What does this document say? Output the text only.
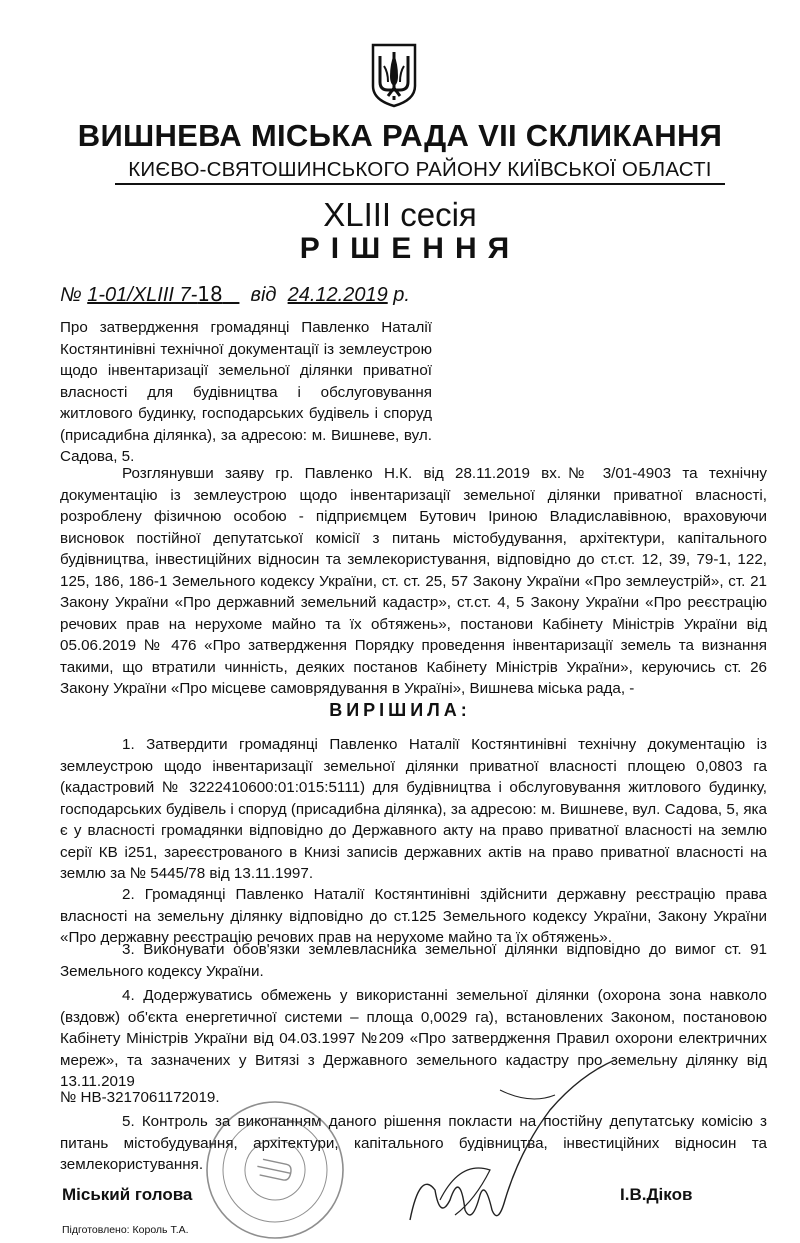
ВИШНЕВА МІСЬКА РАДА VII СКЛИКАННЯ
КИЄВО-СВЯТОШИНСЬКОГО РАЙОНУ КИЇВСЬКОЇ ОБЛАСТІ
XLIII сесія
РІШЕННЯ
№ 1-01/XLIII 7-18 від 24.12.2019 р.
Про затвердження громадянці Павленко Наталії Костянтинівні технічної документації із землеустрою щодо інвентаризації земельної ділянки приватної власності для будівництва і обслуговування житлового будинку, господарських будівель і споруд (присадибна ділянка), за адресою: м. Вишневе, вул. Садова, 5.
Розглянувши заяву гр. Павленко Н.К. від 28.11.2019 вх.№ 3/01-4903 та технічну документацію із землеустрою щодо інвентаризації земельної ділянки приватної власності, розроблену фізичною особою - підприємцем Бутович Іриною Владиславівною, враховуючи висновок постійної депутатської комісії з питань містобудування, архітектури, капітального будівництва, інвестиційних відносин та землекористування, відповідно до ст.ст. 12, 39, 79-1, 122, 125, 186, 186-1 Земельного кодексу України, ст. ст. 25, 57 Закону України «Про землеустрій», ст. 21 Закону України «Про державний земельний кадастр», ст.ст. 4, 5 Закону України «Про реєстрацію речових прав на нерухоме майно та їх обтяжень», постанови Кабінету Міністрів України від 05.06.2019 № 476 «Про затвердження Порядку проведення інвентаризації земель та визнання такими, що втратили чинність, деяких постанов Кабінету Міністрів України», керуючись ст. 26 Закону України «Про місцеве самоврядування в Україні», Вишнева міська рада, -
ВИРІШИЛА:
1. Затвердити громадянці Павленко Наталії Костянтинівні технічну документацію із землеустрою щодо інвентаризації земельної ділянки приватної власності площею 0,0803 га (кадастровий № 3222410600:01:015:5111) для будівництва і обслуговування житлового будинку, господарських будівель і споруд (присадибна ділянка), за адресою: м. Вишневе, вул. Садова, 5, яка є у власності громадянки відповідно до Державного акту на право приватної власності на землю серії КВ і251, зареєстрованого в Книзі записів державних актів на право приватної власності на землю за № 5445/78 від 13.11.1997.
2. Громадянці Павленко Наталії Костянтинівні здійснити державну реєстрацію права власності на земельну ділянку відповідно до ст.125 Земельного кодексу України, Закону України «Про державну реєстрацію речових прав на нерухоме майно та їх обтяжень».
3. Виконувати обов'язки землевласника земельної ділянки відповідно до вимог ст. 91 Земельного кодексу України.
4. Додержуватись обмежень у використанні земельної ділянки (охорона зона навколо (вздовж) об'єкта енергетичної системи – площа 0,0029 га), встановлених Законом, постановою Кабінету Міністрів України від 04.03.1997 №209 «Про затвердження Правил охорони електричних мереж», та зазначених у Витязі з Державного земельного кадастру про земельну ділянку від 13.11.2019
№ НВ-3217061172019.
5. Контроль за виконанням даного рішення покласти на постійну депутатську комісію з питань містобудування, архітектури, капітального будівництва, інвестиційних відносин та землекористування.
Міський голова	І.В.Діков
Підготовлено: Король Т.А.
